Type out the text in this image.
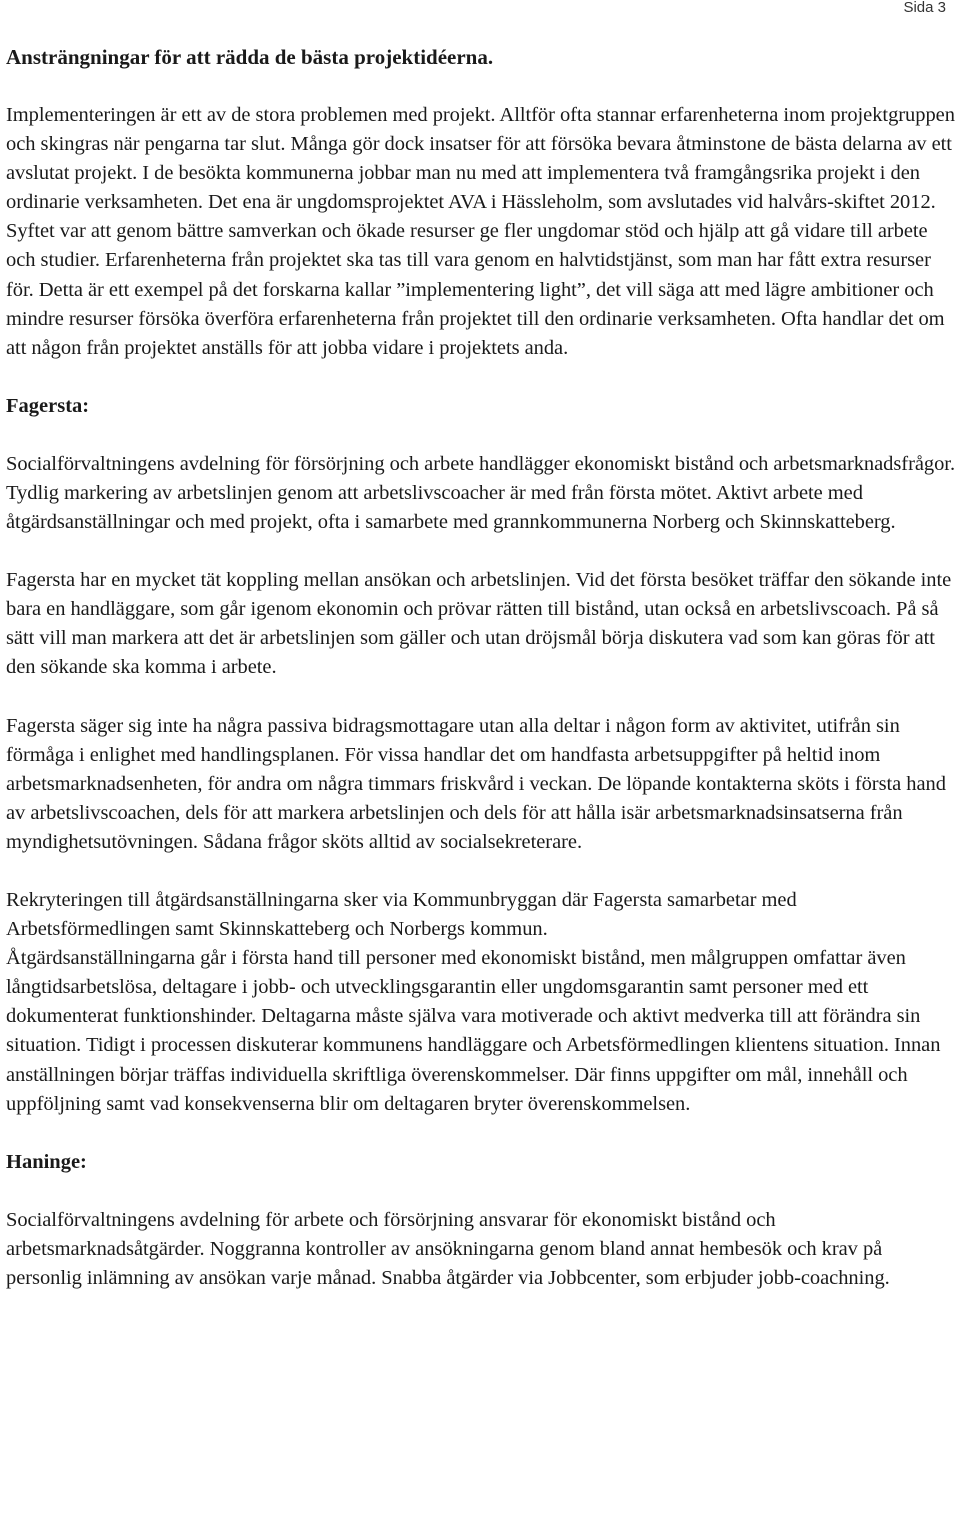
Sida 3
Ansträngningar för att rädda de bästa projektidéerna.

Implementeringen är ett av de stora problemen med projekt. Alltför ofta stannar erfarenheterna inom projektgruppen och skingras när pengarna tar slut. Många gör dock insatser för att försöka bevara åtminstone de bästa delarna av ett avslutat projekt. I de besökta kommunerna jobbar man nu med att implementera två framgångsrika projekt i den ordinarie verksamheten. Det ena är ungdomsprojektet AVA i Hässleholm, som avslutades vid halvårs-skiftet 2012. Syftet var att genom bättre samverkan och ökade resurser ge fler ungdomar stöd och hjälp att gå vidare till arbete och studier. Erfarenheterna från projektet ska tas till vara genom en halvtidstjänst, som man har fått extra resurser för. Detta är ett exempel på det forskarna kallar ”implementering light”, det vill säga att med lägre ambitioner och mindre resurser försöka överföra erfarenheterna från projektet till den ordinarie verksamheten. Ofta handlar det om att någon från projektet anställs för att jobba vidare i projektets anda.

Fagersta:

Socialförvaltningens avdelning för försörjning och arbete handlägger ekonomiskt bistånd och arbetsmarknadsfrågor. Tydlig markering av arbetslinjen genom att arbetslivscoacher är med från första mötet. Aktivt arbete med åtgärdsanställningar och med projekt, ofta i samarbete med grannkommunerna Norberg och Skinnskatteberg.

Fagersta har en mycket tät koppling mellan ansökan och arbetslinjen. Vid det första besöket träffar den sökande inte bara en handläggare, som går igenom ekonomin och prövar rätten till bistånd, utan också en arbetslivscoach. På så sätt vill man markera att det är arbetslinjen som gäller och utan dröjsmål börja diskutera vad som kan göras för att den sökande ska komma i arbete.

Fagersta säger sig inte ha några passiva bidragsmottagare utan alla deltar i någon form av aktivitet, utifrån sin förmåga i enlighet med handlingsplanen. För vissa handlar det om handfasta arbetsuppgifter på heltid inom arbetsmarknadsenheten, för andra om några timmars friskvård i veckan. De löpande kontakterna sköts i första hand av arbetslivscoachen, dels för att markera arbetslinjen och dels för att hålla isär arbetsmarknadsinsatserna från myndighetsutövningen. Sådana frågor sköts alltid av socialsekreterare.

Rekryteringen till åtgärdsanställningarna sker via Kommunbryggan där Fagersta samarbetar med Arbetsförmedlingen samt Skinnskatteberg och Norbergs kommun.

Åtgärdsanställningarna går i första hand till personer med ekonomiskt bistånd, men målgruppen omfattar även långtidsarbetslösa, deltagare i jobb- och utvecklingsgarantin eller ungdomsgarantin samt personer med ett dokumenterat funktionshinder. Deltagarna måste själva vara motiverade och aktivt medverka till att förändra sin situation. Tidigt i processen diskuterar kommunens handläggare och Arbetsförmedlingen klientens situation. Innan anställningen börjar träffas individuella skriftliga överenskommelser. Där finns uppgifter om mål, innehåll och uppföljning samt vad konsekvenserna blir om deltagaren bryter överenskommelsen.

Haninge:

Socialförvaltningens avdelning för arbete och försörjning ansvarar för ekonomiskt bistånd och arbetsmarknadsåtgärder. Noggranna kontroller av ansökningarna genom bland annat hembesök och krav på personlig inlämning av ansökan varje månad. Snabba åtgärder via Jobbcenter, som erbjuder jobb-coachning.
